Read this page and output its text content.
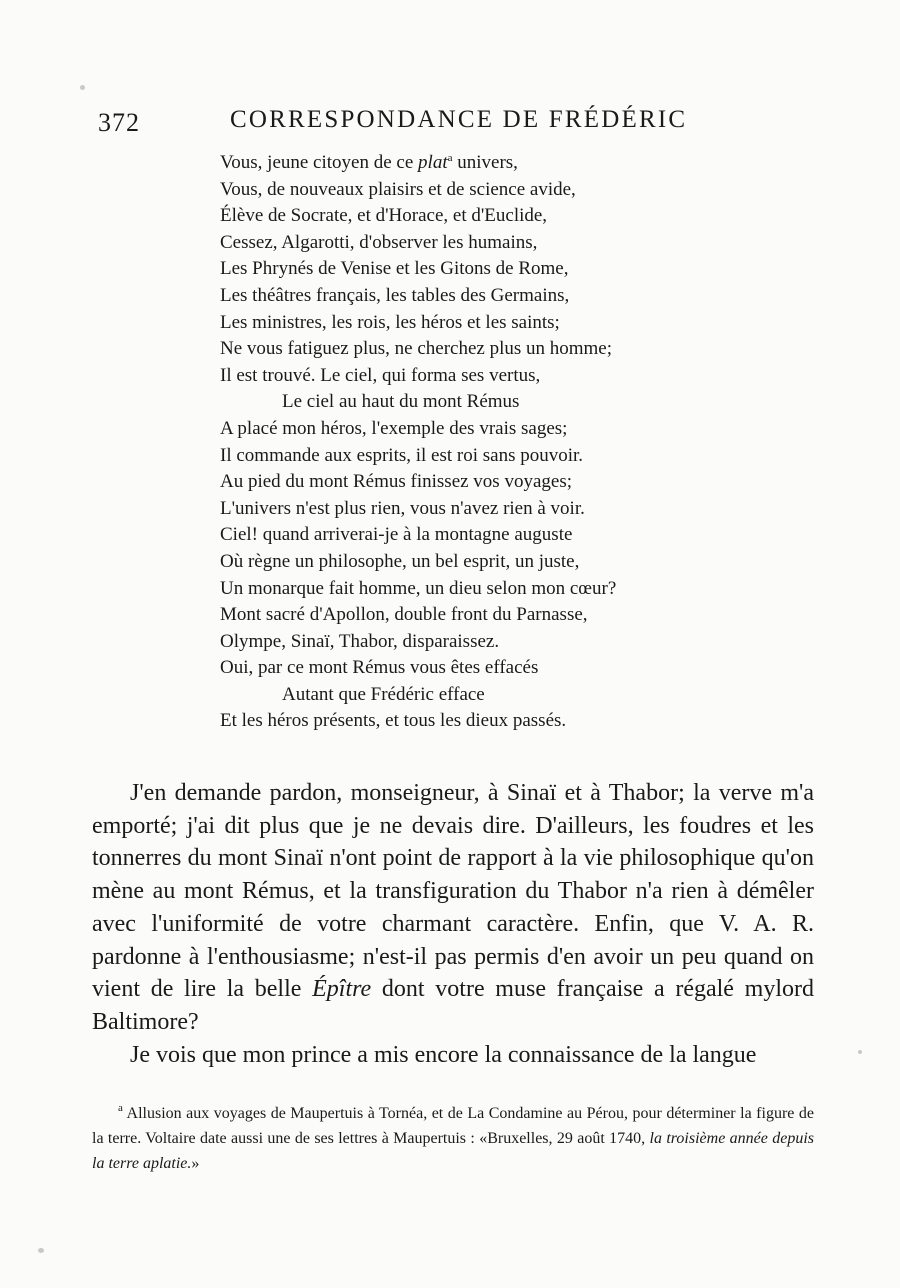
372	CORRESPONDANCE DE FRÉDÉRIC
Vous, jeune citoyen de ce plat$^a$ univers,
Vous, de nouveaux plaisirs et de science avide,
Élève de Socrate, et d'Horace, et d'Euclide,
Cessez, Algarotti, d'observer les humains,
Les Phrynés de Venise et les Gitons de Rome,
Les théâtres français, les tables des Germains,
Les ministres, les rois, les héros et les saints;
Ne vous fatiguez plus, ne cherchez plus un homme;
Il est trouvé. Le ciel, qui forma ses vertus,
Le ciel au haut du mont Rémus
A placé mon héros, l'exemple des vrais sages;
Il commande aux esprits, il est roi sans pouvoir.
Au pied du mont Rémus finissez vos voyages;
L'univers n'est plus rien, vous n'avez rien à voir.
Ciel! quand arriverai-je à la montagne auguste
Où règne un philosophe, un bel esprit, un juste,
Un monarque fait homme, un dieu selon mon cœur?
Mont sacré d'Apollon, double front du Parnasse,
Olympe, Sinaï, Thabor, disparaissez.
Oui, par ce mont Rémus vous êtes effacés
Autant que Frédéric efface
Et les héros présents, et tous les dieux passés.

J'en demande pardon, monseigneur, à Sinaï et à Thabor; la verve m'a emporté; j'ai dit plus que je ne devais dire. D'ailleurs, les foudres et les tonnerres du mont Sinaï n'ont point de rapport à la vie philosophique qu'on mène au mont Rémus, et la transfiguration du Thabor n'a rien à démêler avec l'uniformité de votre charmant caractère. Enfin, que V. A. R. pardonne à l'enthousiasme; n'est-il pas permis d'en avoir un peu quand on vient de lire la belle Épître dont votre muse française a régalé mylord Baltimore?

Je vois que mon prince a mis encore la connaissance de la langue

$^a$ Allusion aux voyages de Maupertuis à Tornéa, et de La Condamine au Pérou, pour déterminer la figure de la terre. Voltaire date aussi une de ses lettres à Maupertuis : «Bruxelles, 29 août 1740, la troisième année depuis la terre aplatie.»
